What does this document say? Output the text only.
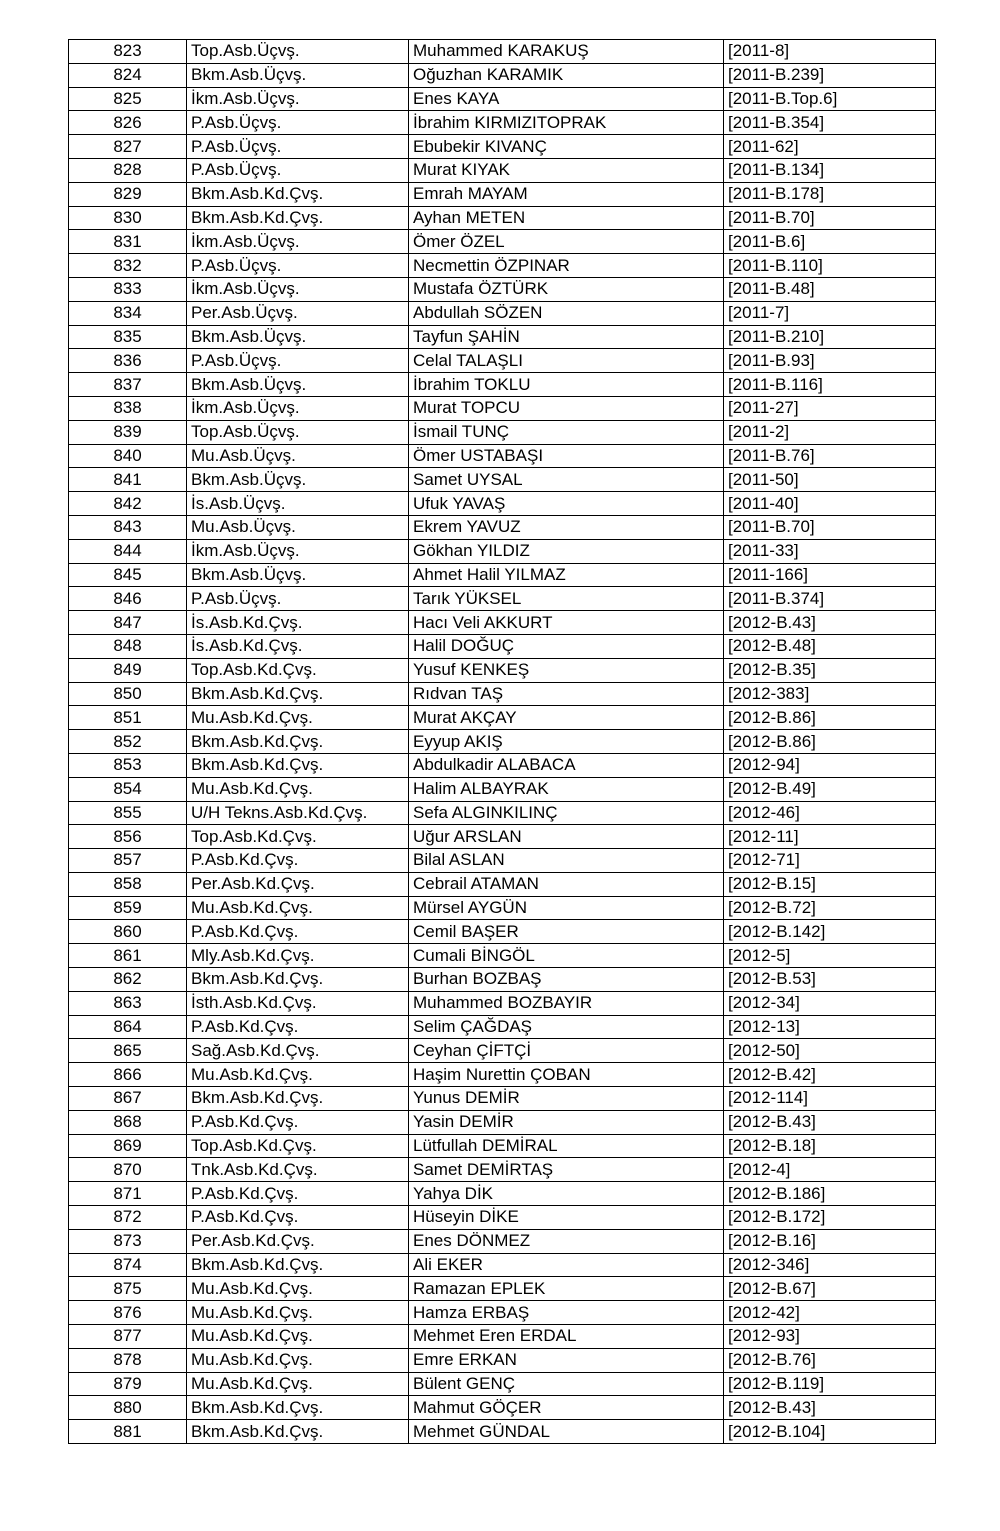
823	Top.Asb.Üçvş.	Muhammed KARAKUŞ	[2011-8]
824	Bkm.Asb.Üçvş.	Oğuzhan KARAMIK	[2011-B.239]
825	İkm.Asb.Üçvş.	Enes KAYA	[2011-B.Top.6]
826	P.Asb.Üçvş.	İbrahim KIRMIZITOPRAK	[2011-B.354]
827	P.Asb.Üçvş.	Ebubekir KIVANÇ	[2011-62]
828	P.Asb.Üçvş.	Murat KIYAK	[2011-B.134]
829	Bkm.Asb.Kd.Çvş.	Emrah MAYAM	[2011-B.178]
830	Bkm.Asb.Kd.Çvş.	Ayhan METEN	[2011-B.70]
831	İkm.Asb.Üçvş.	Ömer ÖZEL	[2011-B.6]
832	P.Asb.Üçvş.	Necmettin ÖZPINAR	[2011-B.110]
833	İkm.Asb.Üçvş.	Mustafa ÖZTÜRK	[2011-B.48]
834	Per.Asb.Üçvş.	Abdullah SÖZEN	[2011-7]
835	Bkm.Asb.Üçvş.	Tayfun ŞAHİN	[2011-B.210]
836	P.Asb.Üçvş.	Celal TALAŞLI	[2011-B.93]
837	Bkm.Asb.Üçvş.	İbrahim TOKLU	[2011-B.116]
838	İkm.Asb.Üçvş.	Murat TOPCU	[2011-27]
839	Top.Asb.Üçvş.	İsmail TUNÇ	[2011-2]
840	Mu.Asb.Üçvş.	Ömer USTABAŞI	[2011-B.76]
841	Bkm.Asb.Üçvş.	Samet UYSAL	[2011-50]
842	İs.Asb.Üçvş.	Ufuk YAVAŞ	[2011-40]
843	Mu.Asb.Üçvş.	Ekrem YAVUZ	[2011-B.70]
844	İkm.Asb.Üçvş.	Gökhan YILDIZ	[2011-33]
845	Bkm.Asb.Üçvş.	Ahmet Halil YILMAZ	[2011-166]
846	P.Asb.Üçvş.	Tarık YÜKSEL	[2011-B.374]
847	İs.Asb.Kd.Çvş.	Hacı Veli AKKURT	[2012-B.43]
848	İs.Asb.Kd.Çvş.	Halil DOĞUÇ	[2012-B.48]
849	Top.Asb.Kd.Çvş.	Yusuf KENKEŞ	[2012-B.35]
850	Bkm.Asb.Kd.Çvş.	Rıdvan TAŞ	[2012-383]
851	Mu.Asb.Kd.Çvş.	Murat AKÇAY	[2012-B.86]
852	Bkm.Asb.Kd.Çvş.	Eyyup AKIŞ	[2012-B.86]
853	Bkm.Asb.Kd.Çvş.	Abdulkadir ALABACA	[2012-94]
854	Mu.Asb.Kd.Çvş.	Halim ALBAYRAK	[2012-B.49]
855	U/H Tekns.Asb.Kd.Çvş.	Sefa ALGINKILINÇ	[2012-46]
856	Top.Asb.Kd.Çvş.	Uğur ARSLAN	[2012-11]
857	P.Asb.Kd.Çvş.	Bilal ASLAN	[2012-71]
858	Per.Asb.Kd.Çvş.	Cebrail ATAMAN	[2012-B.15]
859	Mu.Asb.Kd.Çvş.	Mürsel AYGÜN	[2012-B.72]
860	P.Asb.Kd.Çvş.	Cemil BAŞER	[2012-B.142]
861	Mly.Asb.Kd.Çvş.	Cumali BİNGÖL	[2012-5]
862	Bkm.Asb.Kd.Çvş.	Burhan BOZBAŞ	[2012-B.53]
863	İsth.Asb.Kd.Çvş.	Muhammed BOZBAYIR	[2012-34]
864	P.Asb.Kd.Çvş.	Selim ÇAĞDAŞ	[2012-13]
865	Sağ.Asb.Kd.Çvş.	Ceyhan ÇİFTÇİ	[2012-50]
866	Mu.Asb.Kd.Çvş.	Haşim Nurettin ÇOBAN	[2012-B.42]
867	Bkm.Asb.Kd.Çvş.	Yunus DEMİR	[2012-114]
868	P.Asb.Kd.Çvş.	Yasin DEMİR	[2012-B.43]
869	Top.Asb.Kd.Çvş.	Lütfullah DEMİRAL	[2012-B.18]
870	Tnk.Asb.Kd.Çvş.	Samet DEMİRTAŞ	[2012-4]
871	P.Asb.Kd.Çvş.	Yahya DİK	[2012-B.186]
872	P.Asb.Kd.Çvş.	Hüseyin DİKE	[2012-B.172]
873	Per.Asb.Kd.Çvş.	Enes DÖNMEZ	[2012-B.16]
874	Bkm.Asb.Kd.Çvş.	Ali EKER	[2012-346]
875	Mu.Asb.Kd.Çvş.	Ramazan EPLEK	[2012-B.67]
876	Mu.Asb.Kd.Çvş.	Hamza ERBAŞ	[2012-42]
877	Mu.Asb.Kd.Çvş.	Mehmet Eren ERDAL	[2012-93]
878	Mu.Asb.Kd.Çvş.	Emre ERKAN	[2012-B.76]
879	Mu.Asb.Kd.Çvş.	Bülent GENÇ	[2012-B.119]
880	Bkm.Asb.Kd.Çvş.	Mahmut GÖÇER	[2012-B.43]
881	Bkm.Asb.Kd.Çvş.	Mehmet GÜNDAL	[2012-B.104]
